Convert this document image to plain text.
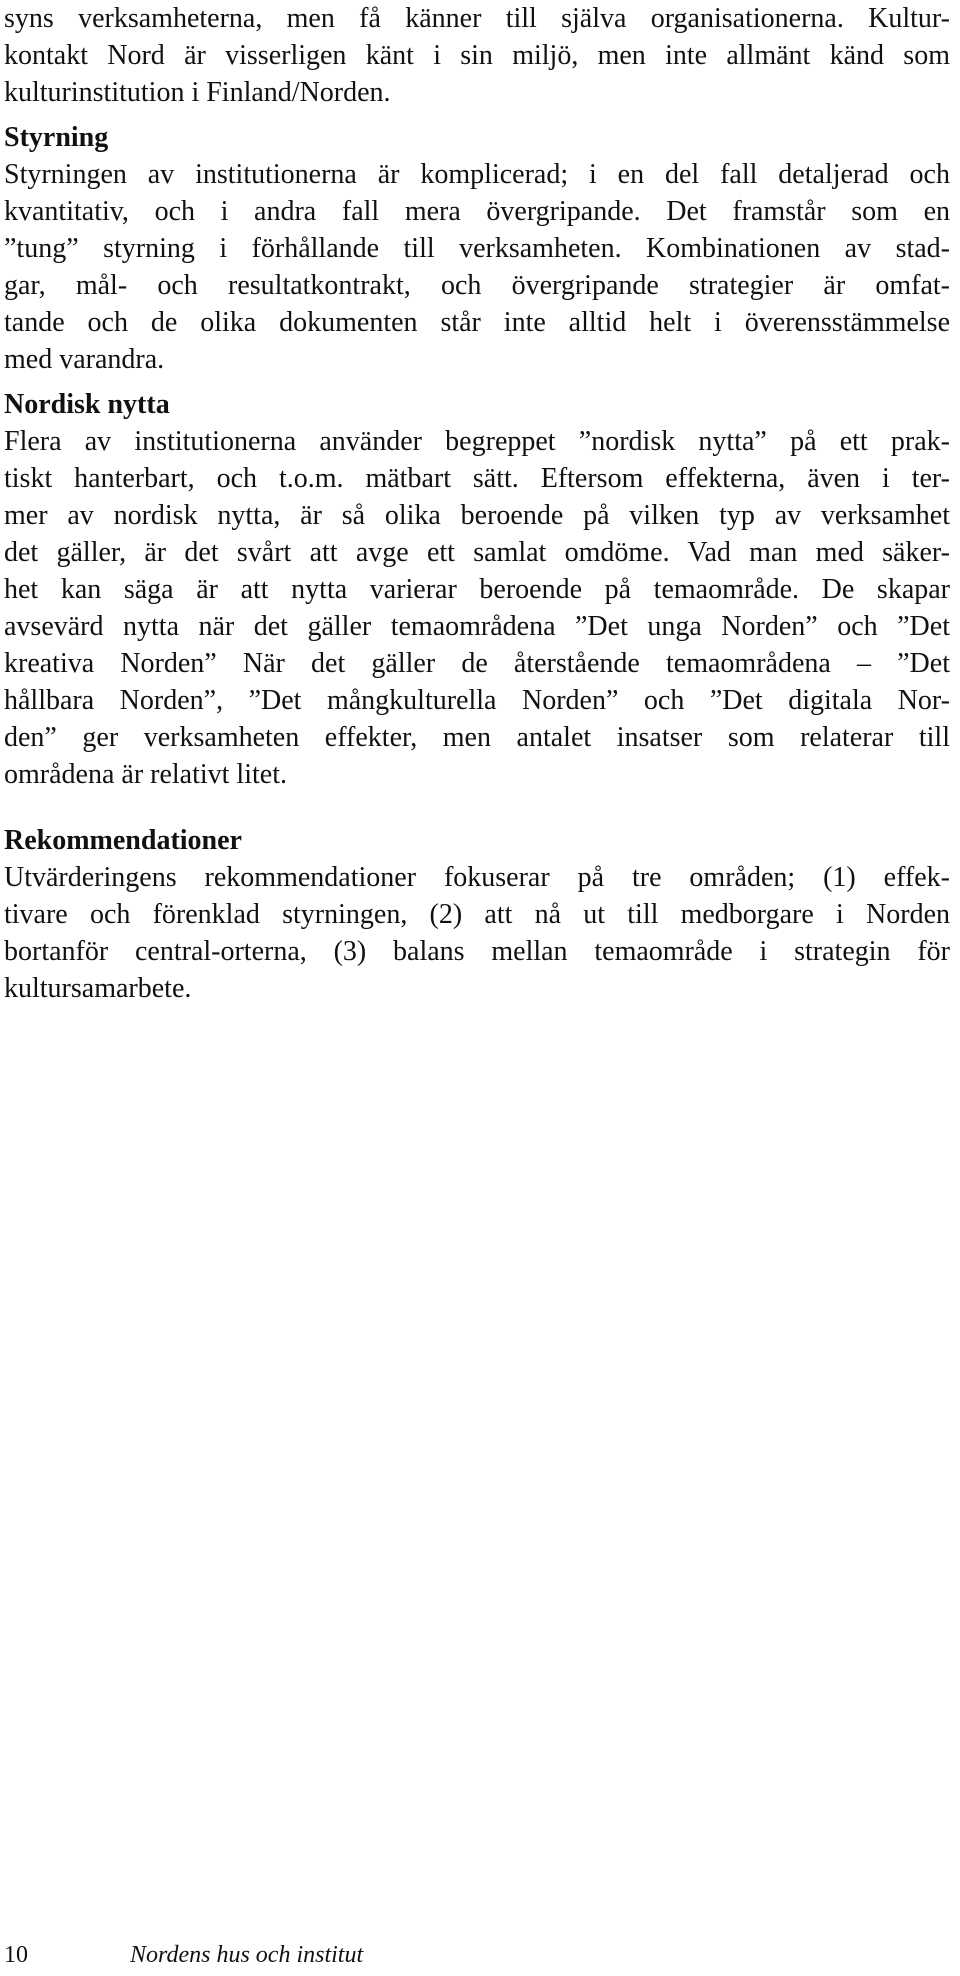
syns verksamheterna, men få känner till själva organisationerna. Kultur-

kontakt Nord är visserligen känt i sin miljö, men inte allmänt känd som

kulturinstitution i Finland/Norden.

Styrning

Styrningen av institutionerna är komplicerad; i en del fall detaljerad och

kvantitativ, och i andra fall mera övergripande. Det framstår som en

”tung” styrning i förhållande till verksamheten. Kombinationen av stad-

gar, mål- och resultatkontrakt, och övergripande strategier är omfat-

tande och de olika dokumenten står inte alltid helt i överensstämmelse

med varandra.

Nordisk nytta

Flera av institutionerna använder begreppet ”nordisk nytta” på ett prak-

tiskt hanterbart, och t.o.m. mätbart sätt. Eftersom effekterna, även i ter-

mer av nordisk nytta, är så olika beroende på vilken typ av verksamhet

det gäller, är det svårt att avge ett samlat omdöme. Vad man med säker-

het kan säga är att nytta varierar beroende på temaområde. De skapar

avsevärd nytta när det gäller temaområdena ”Det unga Norden” och ”Det

kreativa Norden” När det gäller de återstående temaområdena – ”Det

hållbara Norden”, ”Det mångkulturella Norden” och ”Det digitala Nor-

den” ger verksamheten effekter, men antalet insatser som relaterar till

områdena är relativt litet.

Rekommendationer

Utvärderingens rekommendationer fokuserar på tre områden; (1) effek-

tivare och förenklad styrningen, (2) att nå ut till medborgare i Norden

bortanför central-orterna, (3) balans mellan temaområde i strategin för

kultursamarbete.

10	Nordens hus och institut
